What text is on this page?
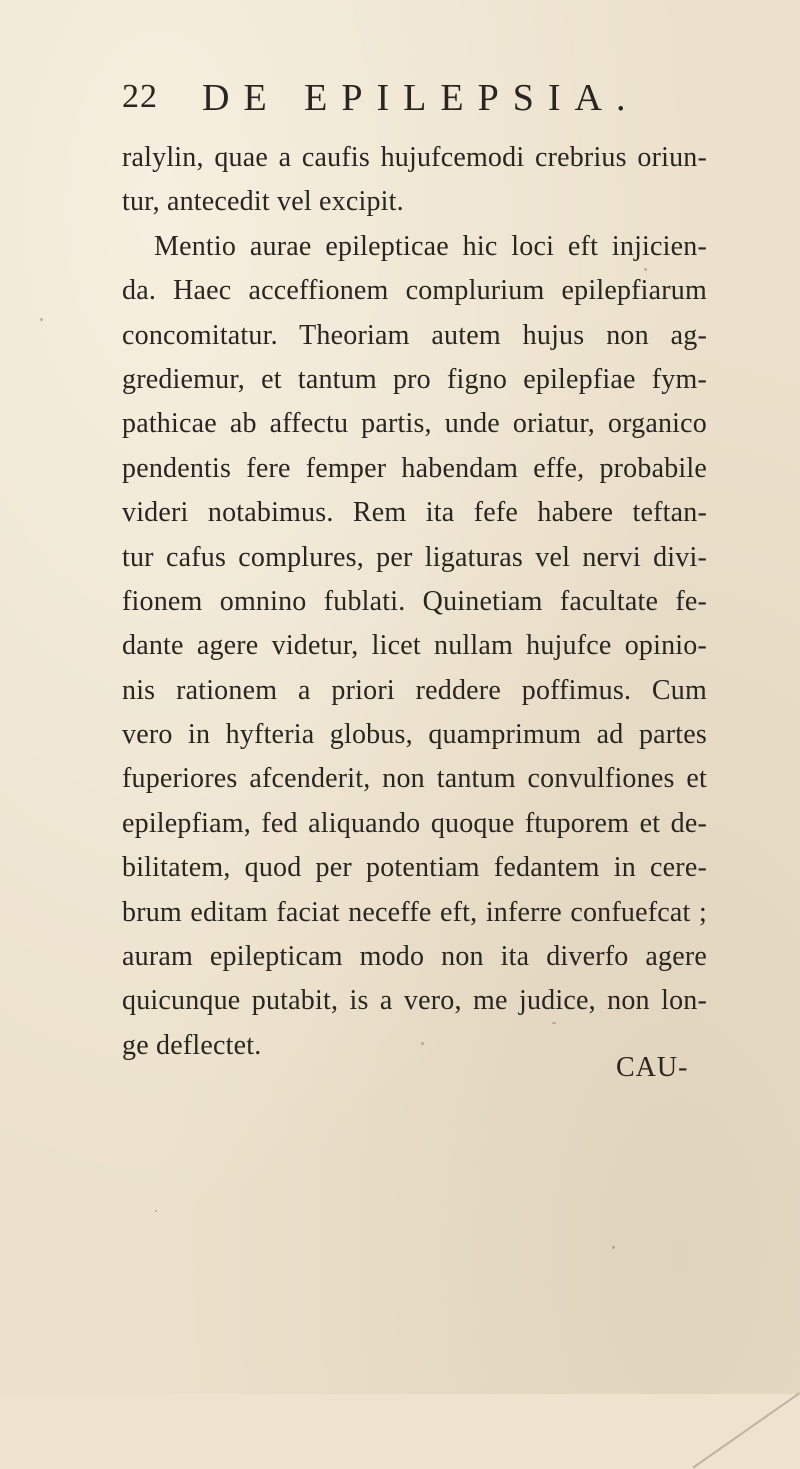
22 DE EPILEPSIA.
ralylin, quae a caufis hujufcemodi crebrius oriun-
tur, antecedit vel excipit.
Mentio aurae epilepticae hic loci eft injicien-
da. Haec acceffionem complurium epilepfiarum
concomitatur. Theoriam autem hujus non ag-
grediemur, et tantum pro figno epilepfiae fym-
pathicae ab affectu partis, unde oriatur, organico
pendentis fere femper habendam effe, probabile
videri notabimus. Rem ita fefe habere teftan-
tur cafus complures, per ligaturas vel nervi divi-
fionem omnino fublati. Quinetiam facultate fe-
dante agere videtur, licet nullam hujufce opinio-
nis rationem a priori reddere poffimus. Cum
vero in hyfteria globus, quamprimum ad partes
fuperiores afcenderit, non tantum convulfiones et
epilepfiam, fed aliquando quoque ftuporem et de-
bilitatem, quod per potentiam fedantem in cere-
brum editam faciat neceffe eft, inferre confuefcat ;
auram epilepticam modo non ita diverfo agere
quicunque putabit, is a vero, me judice, non lon-
ge deflectet.
CAU-
